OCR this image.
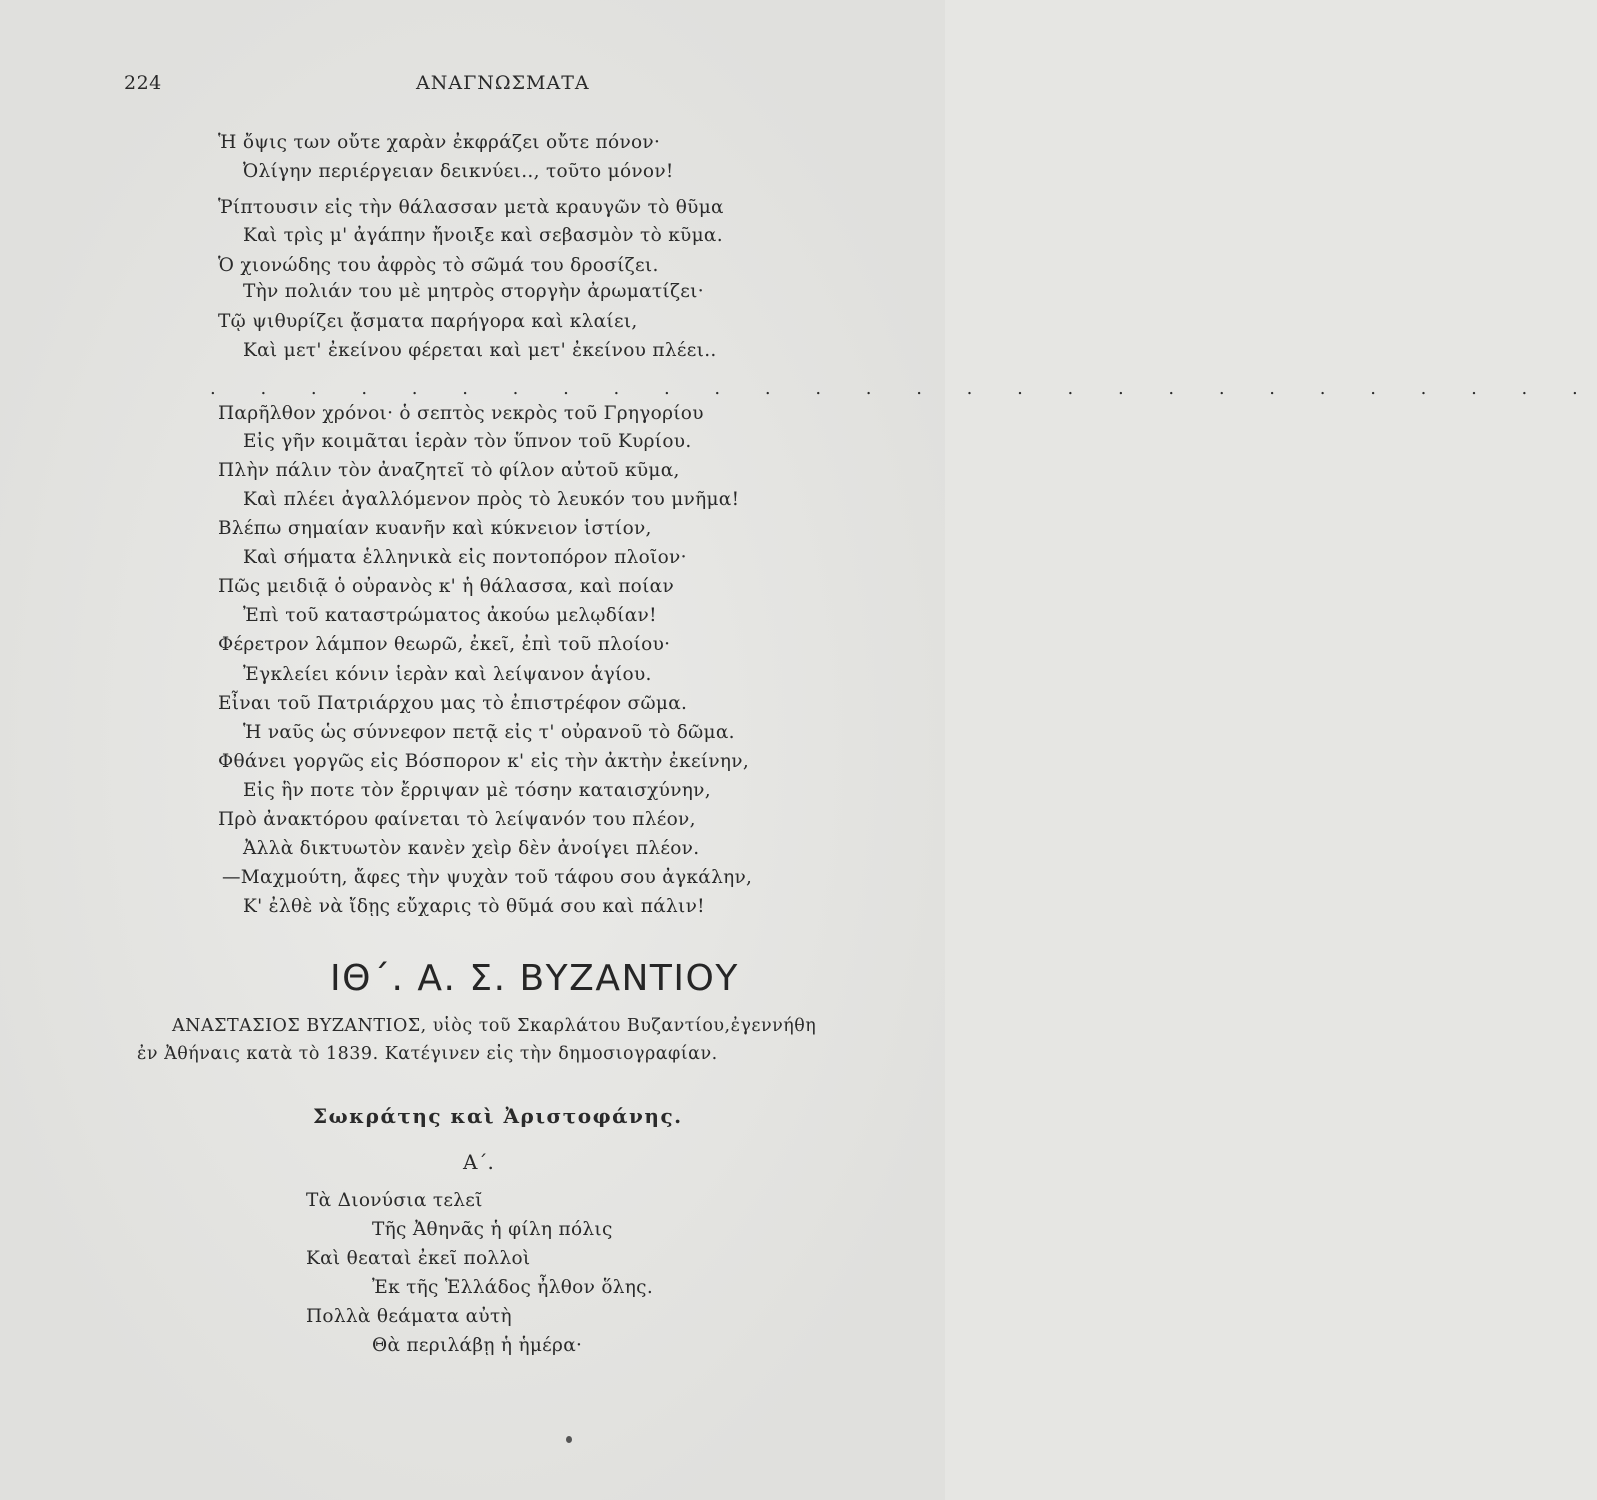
224	ΑΝΑΓΝΩΣΜΑΤΑ
Ἡ ὄψις των οὔτε χαρὰν ἐκφράζει οὔτε πόνον·
Ὀλίγην περιέργειαν δεικνύει.., τοῦτο μόνον!
Ῥίπτουσιν εἰς τὴν θάλασσαν μετὰ κραυγῶν τὸ θῦμα
Καὶ τρὶς μ' ἀγάπην ἤνοιξε καὶ σεβασμὸν τὸ κῦμα.
Ὁ χιονώδης του ἀφρὸς τὸ σῶμά του δροσίζει.
Τὴν πολιάν του μὲ μητρὸς στοργὴν ἀρωματίζει·
Τῷ ψιθυρίζει ᾄσματα παρήγορα καὶ κλαίει,
Καὶ μετ' ἐκείνου φέρεται καὶ μετ' ἐκείνου πλέει..
. . . . . . . . . . . . . . . . . . . . . . . . . . . .
Παρῆλθον χρόνοι· ὁ σεπτὸς νεκρὸς τοῦ Γρηγορίου
Εἰς γῆν κοιμᾶται ἱερὰν τὸν ὕπνον τοῦ Κυρίου.
Πλὴν πάλιν τὸν ἀναζητεῖ τὸ φίλον αὐτοῦ κῦμα,
Καὶ πλέει ἀγαλλόμενον πρὸς τὸ λευκόν του μνῆμα!
Βλέπω σημαίαν κυανῆν καὶ κύκνειον ἱστίον,
Καὶ σήματα ἑλληνικὰ εἰς ποντοπόρον πλοῖον·
Πῶς μειδιᾷ ὁ οὐρανὸς κ' ἡ θάλασσα, καὶ ποίαν
Ἐπὶ τοῦ καταστρώματος ἀκούω μελῳδίαν!
Φέρετρον λάμπον θεωρῶ, ἐκεῖ, ἐπὶ τοῦ πλοίου·
Ἐγκλείει κόνιν ἱερὰν καὶ λείψανον ἁγίου.
Εἶναι τοῦ Πατριάρχου μας τὸ ἐπιστρέφον σῶμα.
Ἡ ναῦς ὡς σύννεφον πετᾷ εἰς τ' οὐρανοῦ τὸ δῶμα.
Φθάνει γοργῶς εἰς Βόσπορον κ' εἰς τὴν ἀκτὴν ἐκείνην,
Εἰς ἣν ποτε τὸν ἔρριψαν μὲ τόσην καταισχύνην,
Πρὸ ἀνακτόρου φαίνεται τὸ λείψανόν του πλέον,
Ἀλλὰ δικτυωτὸν κανὲν χεὶρ δὲν ἀνοίγει πλέον.
—Μαχμούτη, ἄφες τὴν ψυχὰν τοῦ τάφου σου ἀγκάλην,
Κ' ἐλθὲ νὰ ἴδῃς εὔχαρις τὸ θῦμά σου καὶ πάλιν!
ΙΘ΄. Α. Σ. ΒΥΖΑΝΤΙΟΥ
ΑΝΑΣΤΑΣΙΟΣ ΒΥΖΑΝΤΙΟΣ, υἱὸς τοῦ Σκαρλάτου Βυζαντίου,ἐγεννήθη
ἐν Ἀθήναις κατὰ τὸ 1839. Κατέγινεν εἰς τὴν δημοσιογραφίαν.
Σωκράτης καὶ Ἀριστοφάνης.
Α΄.
Τὰ Διονύσια τελεῖ
Τῆς Ἀθηνᾶς ἡ φίλη πόλις
Καὶ θεαταὶ ἐκεῖ πολλοὶ
Ἐκ τῆς Ἑλλάδος ἦλθον ὅλης.
Πολλὰ θεάματα αὐτὴ
Θὰ περιλάβῃ ἡ ἡμέρα·
